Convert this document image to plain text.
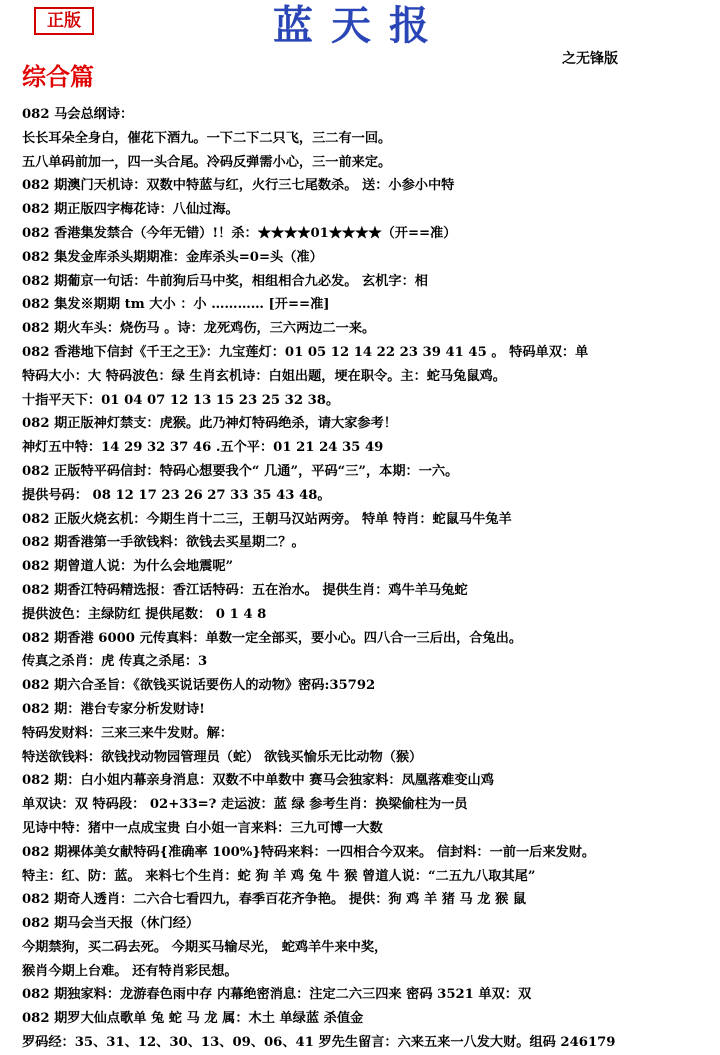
正版	蓝天报
之无锋版
综合篇
082 马会总纲诗：
长长耳朵全身白，催花下酒九。一下二下二只飞，三二有一回。
五八单码前加一，四一头合尾。冷码反弹需小心，三一前来定。
082 期澳门天机诗：双数中特蓝与红，火行三七尾数杀。 送：小参小中特
082 期正版四字梅花诗：八仙过海。
082 香港集发禁合（今年无错）!！杀：★★★★01★★★★（开==准）
082 集发金库杀头期期准：金库杀头=0=头（准）
082 期葡京一句话：牛前狗后马中奖，相组相合九必发。 玄机字：相
082 集发※期期 tm 大小 ：小 ………… [开==准]
082 期火车头：烧伤马 。诗：龙死鸡伤，三六两边二一来。
082 香港地下信封《千王之王》：九宝莲灯：01 05 12 14 22 23 39 41 45 。 特码单双：单
特码大小：大 特码波色：绿 生肖玄机诗：白姐出题，埂在职令。主：蛇马兔鼠鸡。
十指平天下：01 04 07 12 13 15 23 25 32 38。
082 期正版神灯禁支：虎猴。此乃神灯特码绝杀，请大家参考！
神灯五中特：14 29 32 37 46 .五个平：01 21 24 35 49
082 正版特平码信封：特码心想要我个“ 几通”，平码“三”，本期：一六。
提供号码： 08 12 17 23 26 27 33 35 43 48。
082 正版火烧玄机：今期生肖十二三，王朝马汉站两旁。 特单 特肖：蛇鼠马牛兔羊
082 期香港第一手欲钱料：欲钱去买星期二？。
082 期曾道人说：为什么会地震呢”
082 期香江特码精选报：香江话特码：五在治水。 提供生肖：鸡牛羊马兔蛇
提供波色：主绿防红 提供尾数： 0 1 4 8
082 期香港 6000 元传真料：单数一定全部买，要小心。四八合一三后出，合兔出。
传真之杀肖：虎 传真之杀尾：3
082 期六合圣旨：《欲钱买说话要伤人的动物》密码:35792
082 期：港台专家分析发财诗!
特码发财料：三来三来牛发财。解：
特送欲钱料：欲钱找动物园管理员（蛇） 欲钱买愉乐无比动物（猴）
082 期：白小姐内幕亲身消息：双数不中单数中 赛马会独家料：凤凰落难变山鸡
单双诀：双 特码段： 02+33=? 走运波：蓝 绿 参考生肖：换梁偷柱为一员
见诗中特：猪中一点成宝贵 白小姐一言来料：三九可博一大数
082 期裸体美女献特码{准确率 100%}特码来料：一四相合今双来。 信封料：一前一后来发财。
特主：红、防：蓝。 来料七个生肖：蛇 狗 羊 鸡 兔 牛 猴 曾道人说：“二五九八取其尾”
082 期奇人透肖：二六合七看四九，春季百花齐争艳。 提供：狗 鸡 羊 猪 马 龙 猴 鼠
082 期马会当天报（休门经）
今期禁狗，买二码去死。 今期买马输尽光， 蛇鸡羊牛来中奖，
猴肖今期上台难。 还有特肖彩民想。
082 期独家料：龙游春色雨中存 内幕绝密消息：注定二六三四来 密码 3521 单双：双
082 期罗大仙点歌单 兔 蛇 马 龙 属：木土 单绿蓝 杀值金
罗码经：35、31、12、30、13、09、06、41 罗先生留言：六来五来一八发大财。组码 246179
